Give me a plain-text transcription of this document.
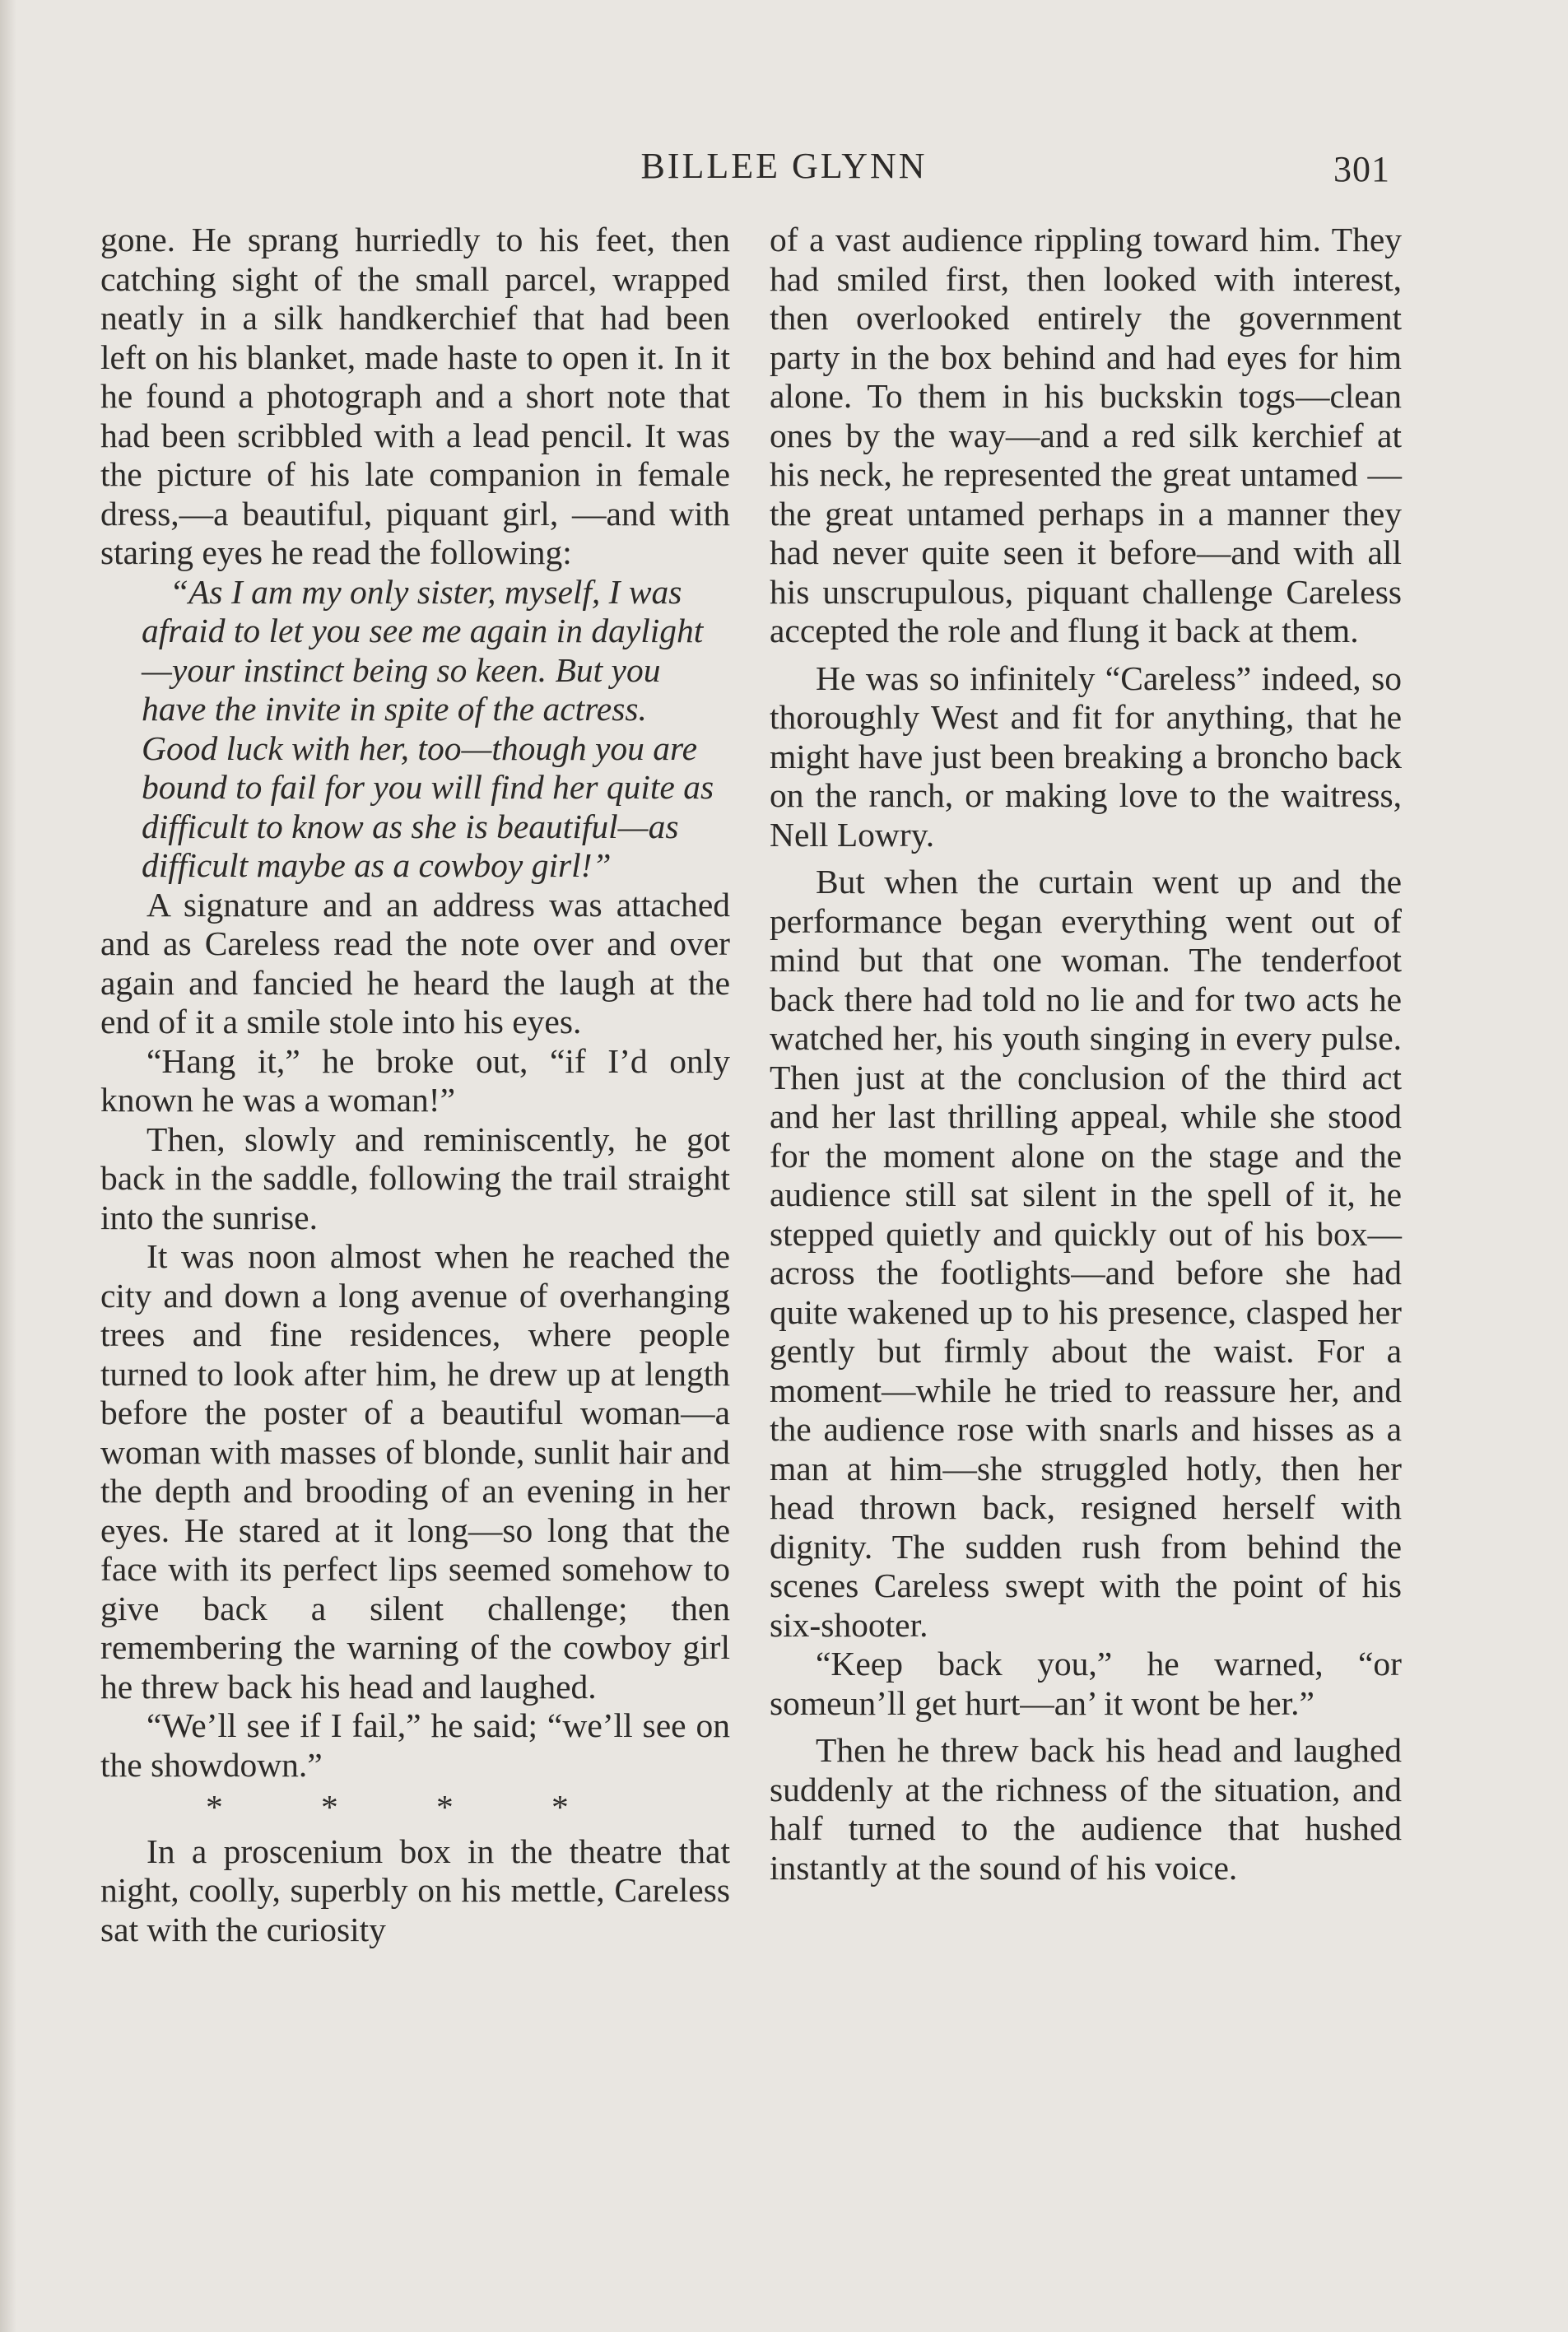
BILLEE GLYNN	301

gone. He sprang hurriedly to his feet, then catching sight of the small parcel, wrapped neatly in a silk handkerchief that had been left on his blanket, made haste to open it. In it he found a photograph and a short note that had been scribbled with a lead pencil. It was the picture of his late companion in female dress,—a beautiful, piquant girl, —and with staring eyes he read the following:

“As I am my only sister, myself, I was afraid to let you see me again in daylight—your instinct being so keen. But you have the invite in spite of the actress. Good luck with her, too—though you are bound to fail for you will find her quite as difficult to know as she is beautiful—as difficult maybe as a cowboy girl!”

A signature and an address was attached and as Careless read the note over and over again and fancied he heard the laugh at the end of it a smile stole into his eyes.

“Hang it,” he broke out, “if I’d only known he was a woman!”

Then, slowly and reminiscently, he got back in the saddle, following the trail straight into the sunrise.

It was noon almost when he reached the city and down a long avenue of overhanging trees and fine residences, where people turned to look after him, he drew up at length before the poster of a beautiful woman—a woman with masses of blonde, sunlit hair and the depth and brooding of an evening in her eyes. He stared at it long—so long that the face with its perfect lips seemed somehow to give back a silent challenge; then remembering the warning of the cowboy girl he threw back his head and laughed.

“We’ll see if I fail,” he said; “we’ll see on the showdown.”

*	*	*	*

In a proscenium box in the theatre that night, coolly, superbly on his mettle, Careless sat with the curiosity

of a vast audience rippling toward him. They had smiled first, then looked with interest, then overlooked entirely the government party in the box behind and had eyes for him alone. To them in his buckskin togs—clean ones by the way—and a red silk kerchief at his neck, he represented the great untamed —the great untamed perhaps in a manner they had never quite seen it before—and with all his unscrupulous, piquant challenge Careless accepted the role and flung it back at them.

He was so infinitely “Careless” indeed, so thoroughly West and fit for anything, that he might have just been breaking a broncho back on the ranch, or making love to the waitress, Nell Lowry.

But when the curtain went up and the performance began everything went out of mind but that one woman. The tenderfoot back there had told no lie and for two acts he watched her, his youth singing in every pulse. Then just at the conclusion of the third act and her last thrilling appeal, while she stood for the moment alone on the stage and the audience still sat silent in the spell of it, he stepped quietly and quickly out of his box—across the footlights—and before she had quite wakened up to his presence, clasped her gently but firmly about the waist. For a moment—while he tried to reassure her, and the audience rose with snarls and hisses as a man at him—she struggled hotly, then her head thrown back, resigned herself with dignity. The sudden rush from behind the scenes Careless swept with the point of his six-shooter.

“Keep back you,” he warned, “or someun’ll get hurt—an’ it wont be her.”

Then he threw back his head and laughed suddenly at the richness of the situation, and half turned to the audience that hushed instantly at the sound of his voice.
